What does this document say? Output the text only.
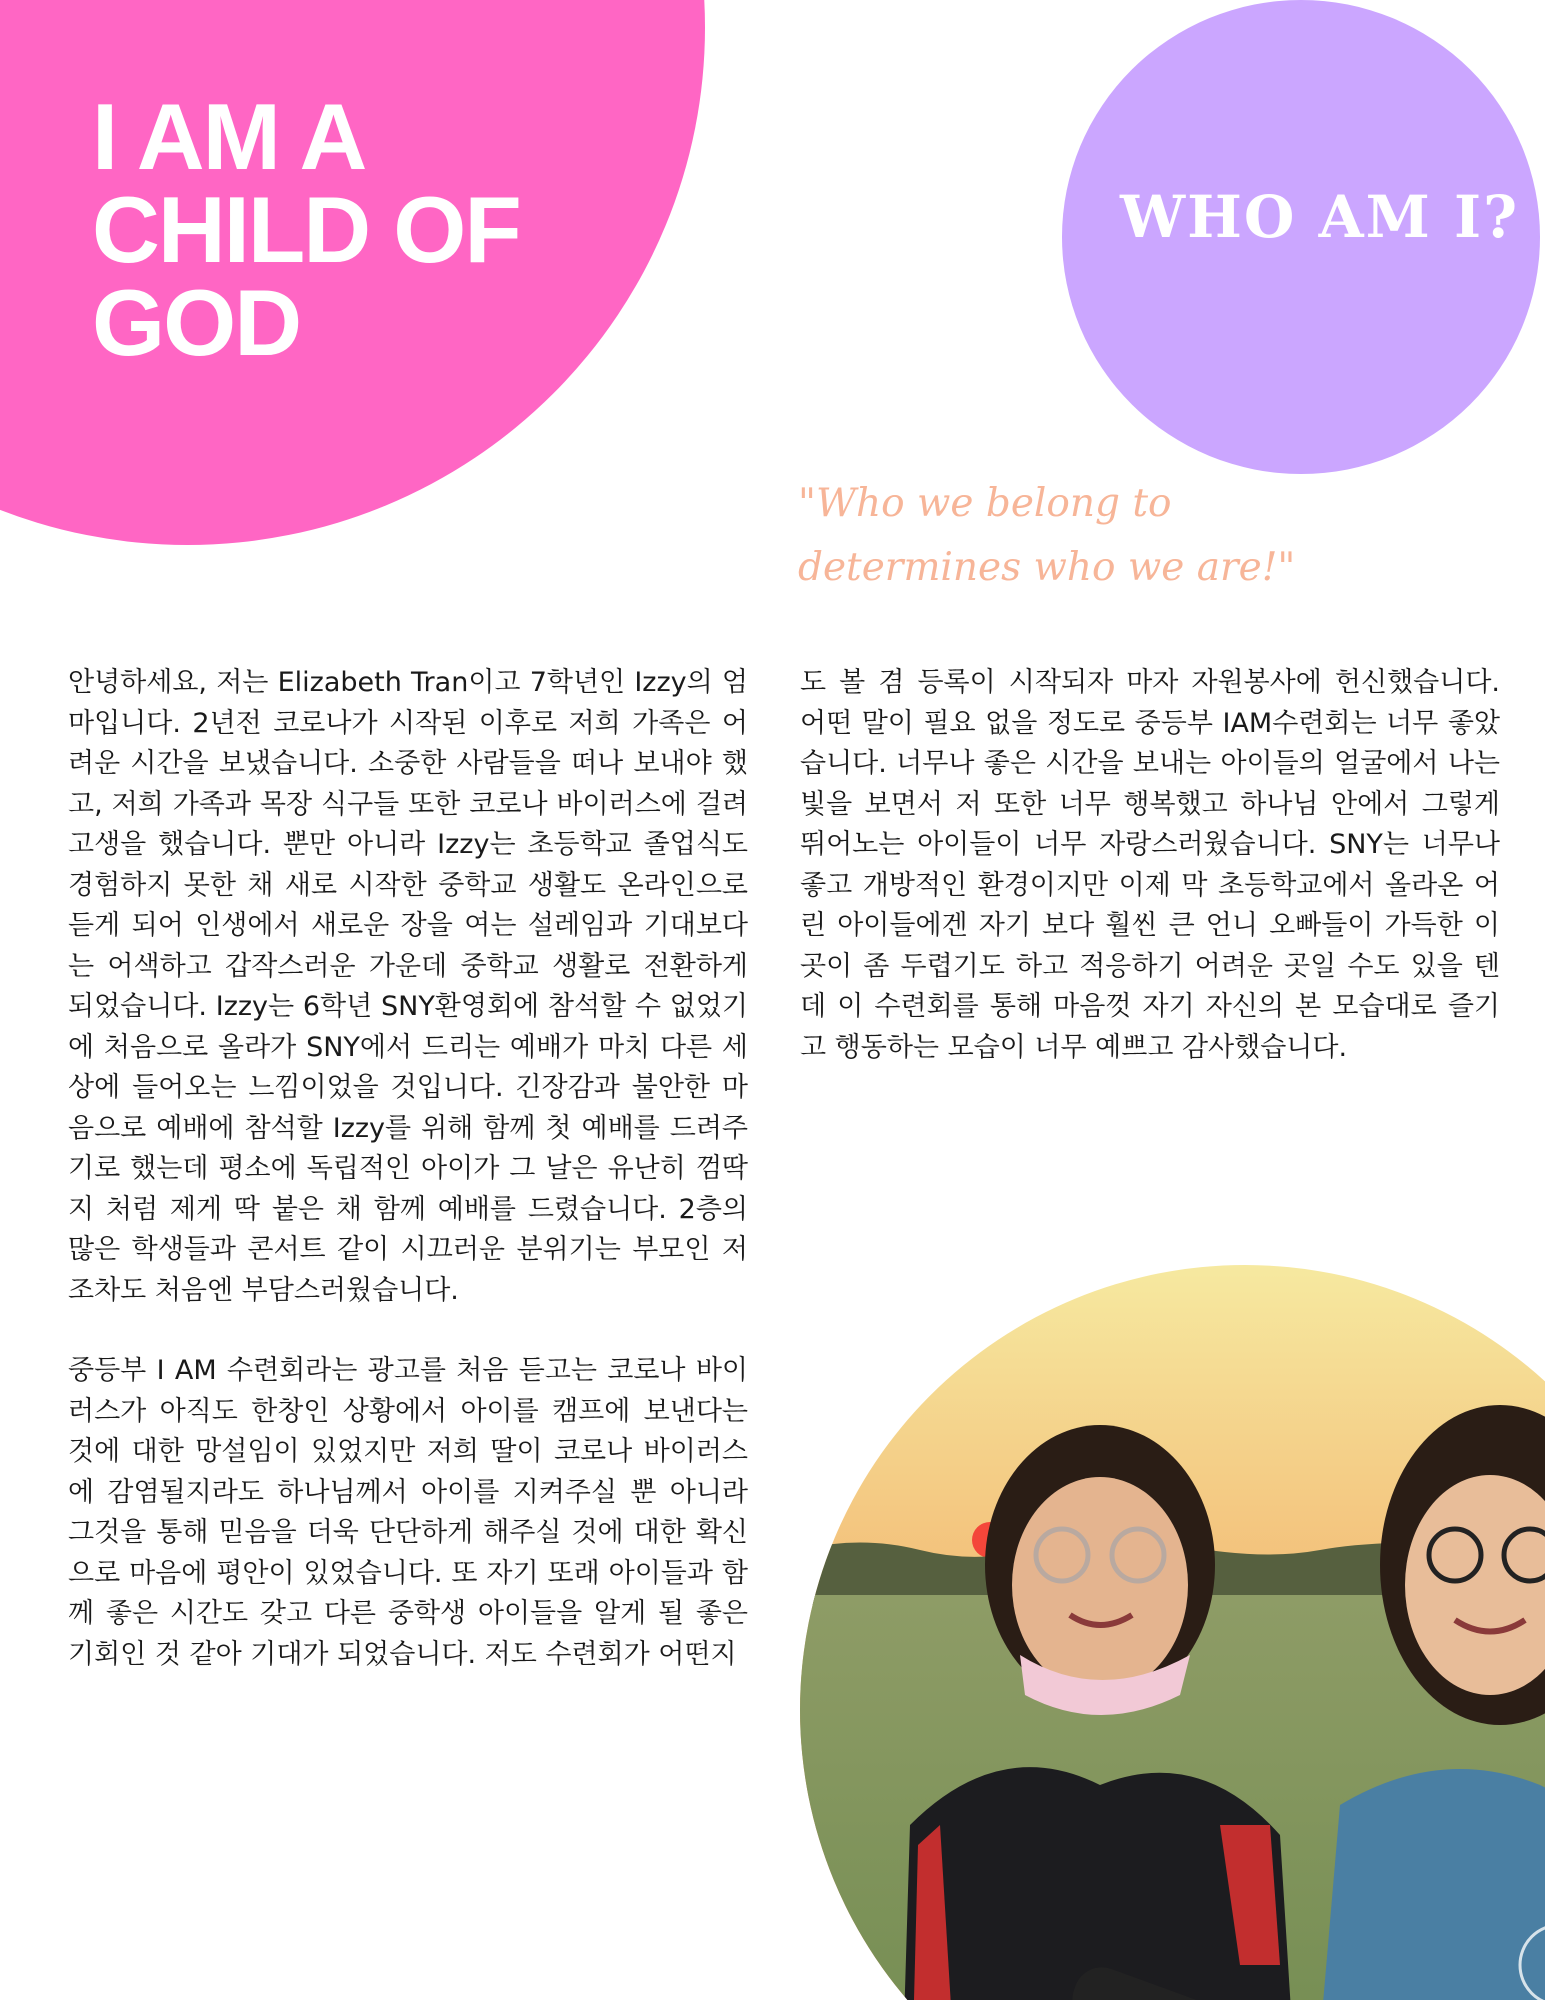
I AM A
CHILD OF
GOD
WHO AM I?

"Who we belong to
determines who we are!"

안녕하세요, 저는 Elizabeth Tran이고 7학년인 Izzy의 엄마입니다. 2년전 코로나가 시작된 이후로 저희 가족은 어려운 시간을 보냈습니다. 소중한 사람들을 떠나 보내야 했고, 저희 가족과 목장 식구들 또한 코로나 바이러스에 걸려 고생을 했습니다. 뿐만 아니라 Izzy는 초등학교 졸업식도 경험하지 못한 채 새로 시작한 중학교 생활도 온라인으로 듣게 되어 인생에서 새로운 장을 여는 설레임과 기대보다는 어색하고 갑작스러운 가운데 중학교 생활로 전환하게 되었습니다. Izzy는 6학년 SNY환영회에 참석할 수 없었기에 처음으로 올라가 SNY에서 드리는 예배가 마치 다른 세상에 들어오는 느낌이었을 것입니다. 긴장감과 불안한 마음으로 예배에 참석할 Izzy를 위해 함께 첫 예배를 드려주기로 했는데 평소에 독립적인 아이가 그 날은 유난히 껌딱지 처럼 제게 딱 붙은 채 함께 예배를 드렸습니다. 2층의 많은 학생들과 콘서트 같이 시끄러운 분위기는 부모인 저 조차도 처음엔 부담스러웠습니다.

중등부 I AM 수련회라는 광고를 처음 듣고는 코로나 바이러스가 아직도 한창인 상황에서 아이를 캠프에 보낸다는 것에 대한 망설임이 있었지만 저희 딸이 코로나 바이러스에 감염될지라도 하나님께서 아이를 지켜주실 뿐 아니라 그것을 통해 믿음을 더욱 단단하게 해주실 것에 대한 확신으로 마음에 평안이 있었습니다. 또 자기 또래 아이들과 함께 좋은 시간도 갖고 다른 중학생 아이들을 알게 될 좋은 기회인 것 같아 기대가 되었습니다. 저도 수련회가 어떤지

도 볼 겸 등록이 시작되자 마자 자원봉사에 헌신했습니다. 어떤 말이 필요 없을 정도로 중등부 IAM수련회는 너무 좋았습니다. 너무나 좋은 시간을 보내는 아이들의 얼굴에서 나는 빛을 보면서 저 또한 너무 행복했고 하나님 안에서 그렇게 뛰어노는 아이들이 너무 자랑스러웠습니다. SNY는 너무나 좋고 개방적인 환경이지만 이제 막 초등학교에서 올라온 어린 아이들에겐 자기 보다 훨씬 큰 언니 오빠들이 가득한 이 곳이 좀 두렵기도 하고 적응하기 어려운 곳일 수도 있을 텐데 이 수련회를 통해 마음껏 자기 자신의 본 모습대로 즐기고 행동하는 모습이 너무 예쁘고 감사했습니다.
